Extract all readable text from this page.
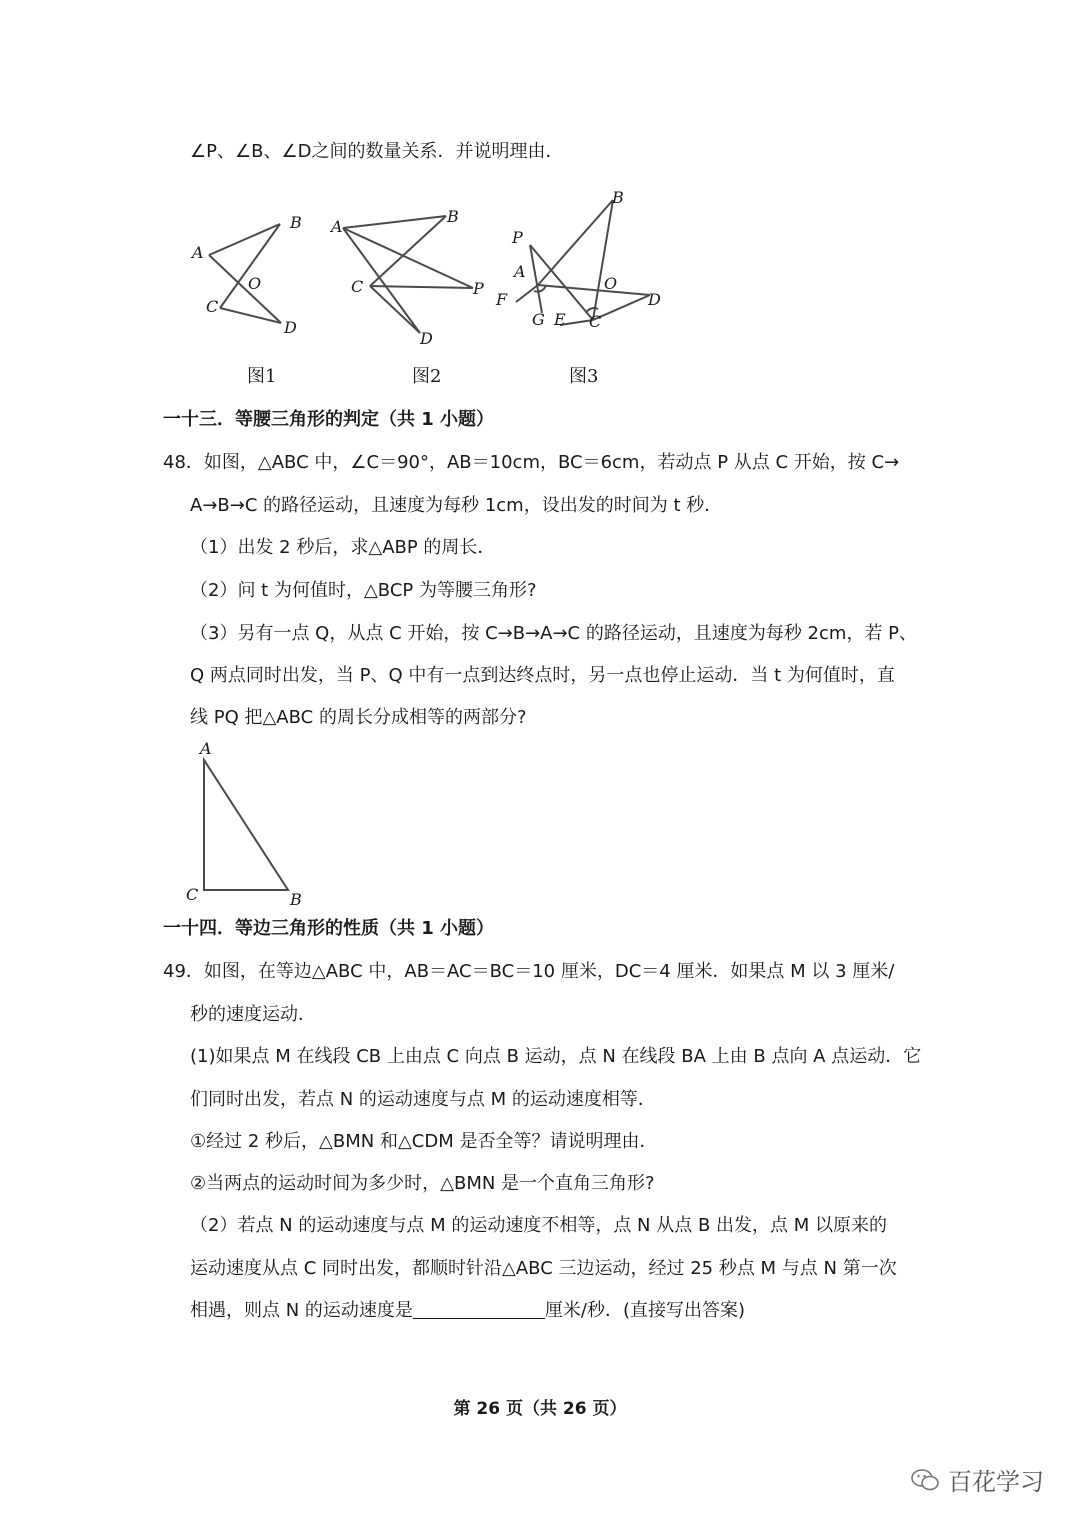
∠P、∠B、∠D之间的数量关系．并说明理由．
A
B
O
C
D
图1
A
B
C	P
D
图2
B
P
A
O
F
G E C
D
图3
一十三．等腰三角形的判定（共 1 小题）
48．如图，△ABC 中，∠C＝90°，AB＝10cm，BC＝6cm，若动点 P 从点 C 开始，按 C→
A→B→C 的路径运动，且速度为每秒 1cm，设出发的时间为 t 秒．
（1）出发 2 秒后，求△ABP 的周长．
（2）问 t 为何值时，△BCP 为等腰三角形?
（3）另有一点 Q，从点 C 开始，按 C→B→A→C 的路径运动，且速度为每秒 2cm，若 P、
Q 两点同时出发，当 P、Q 中有一点到达终点时，另一点也停止运动．当 t 为何值时，直
线 PQ 把△ABC 的周长分成相等的两部分?
A
C	B
一十四．等边三角形的性质（共 1 小题）
49．如图，在等边△ABC 中，AB＝AC＝BC＝10 厘米，DC＝4 厘米．如果点 M 以 3 厘米/
秒的速度运动．
(1)如果点 M 在线段 CB 上由点 C 向点 B 运动，点 N 在线段 BA 上由 B 点向 A 点运动．它
们同时出发，若点 N 的运动速度与点 M 的运动速度相等．
①经过 2 秒后，△BMN 和△CDM 是否全等？请说明理由．
②当两点的运动时间为多少时，△BMN 是一个直角三角形?
（2）若点 N 的运动速度与点 M 的运动速度不相等，点 N 从点 B 出发，点 M 以原来的
运动速度从点 C 同时出发，都顺时针沿△ABC 三边运动，经过 25 秒点 M 与点 N 第一次
相遇，则点 N 的运动速度是	厘米/秒．(直接写出答案)
第 26 页（共 26 页）
百花学习
